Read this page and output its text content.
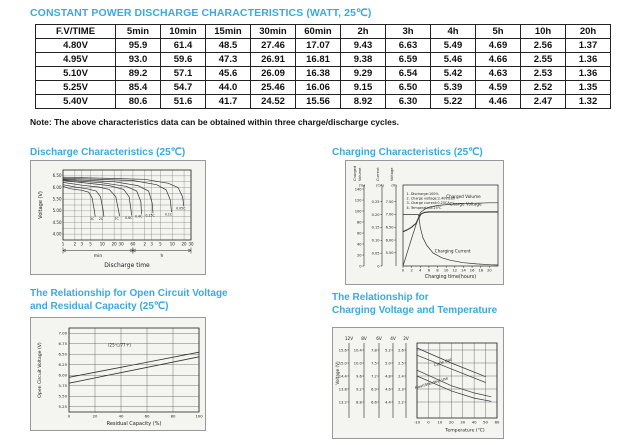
CONSTANT POWER DISCHARGE CHARACTERISTICS (WATT, 25℃)
F.V/TIME	5min	10min	15min	30min	60min	2h	3h	4h	5h	10h	20h
4.80V	95.9	61.4	48.5	27.46	17.07	9.43	6.63	5.49	4.69	2.56	1.37
4.95V	93.0	59.6	47.3	26.91	16.81	9.38	6.59	5.46	4.66	2.55	1.36
5.10V	89.2	57.1	45.6	26.09	16.38	9.29	6.54	5.42	4.63	2.53	1.36
5.25V	85.4	54.7	44.0	25.46	16.06	9.15	6.50	5.39	4.59	2.52	1.35
5.40V	80.6	51.6	41.7	24.52	15.56	8.92	6.30	5.22	4.46	2.47	1.32
Note: The above characteristics data can be obtained within three charge/discharge cycles.
Discharge Characteristics (25℃)
4.00
4.50
5.00
5.50
6.00
6.50
1 2 3 5 10 20 30 60 2 3 5 10 20 30
3C 2C	1C 0.6C 0.4C 0.25C	0.1C
0.05C
Voltage (V)
min	h
Discharge time
Charging Characteristics (25℃)
0
20
40
60
80
100
120
140
Charged Volume
(%)
0
0.05
0.10
0.15
0.20
0.25
Current
(CA)
5.50
6.00
6.50
7.00
7.50
Voltage
(V)
0 2 4 6 8 10 12 14 16 18 20
Charging time(hours)
1. Discharge:100%
2. Charge voltage:2.40V/cell
3. Charge current:0.25CA
4. Temperature:25℃
Charged Volume
Charge Voltage
Charging Current
The Relationship for Open Circuit Voltage
and Residual Capacity (25℃)
5.25
5.50
5.75
6.00
6.25
6.50
6.75
7.00
0	20	40	60	80	100
(25℃/77℉)
Open Circuit Voltage (V)
Residual Capacity (%)
The Relationship for
Charging Voltage and Temperature
12V
15.6
15.0
14.4
13.8
13.2
8V
10.4
10.0
9.6
9.2
8.8
6V
7.8
7.5
7.2
6.9
6.6
4V
5.2
5.0
4.8
4.6
4.4
2V
2.6
2.5
2.4
2.3
2.2
-10 0 10 20 30 40 50 60
Cycle Use
Float(Standby) Use
Voltage (V)
Temperature (℃)
